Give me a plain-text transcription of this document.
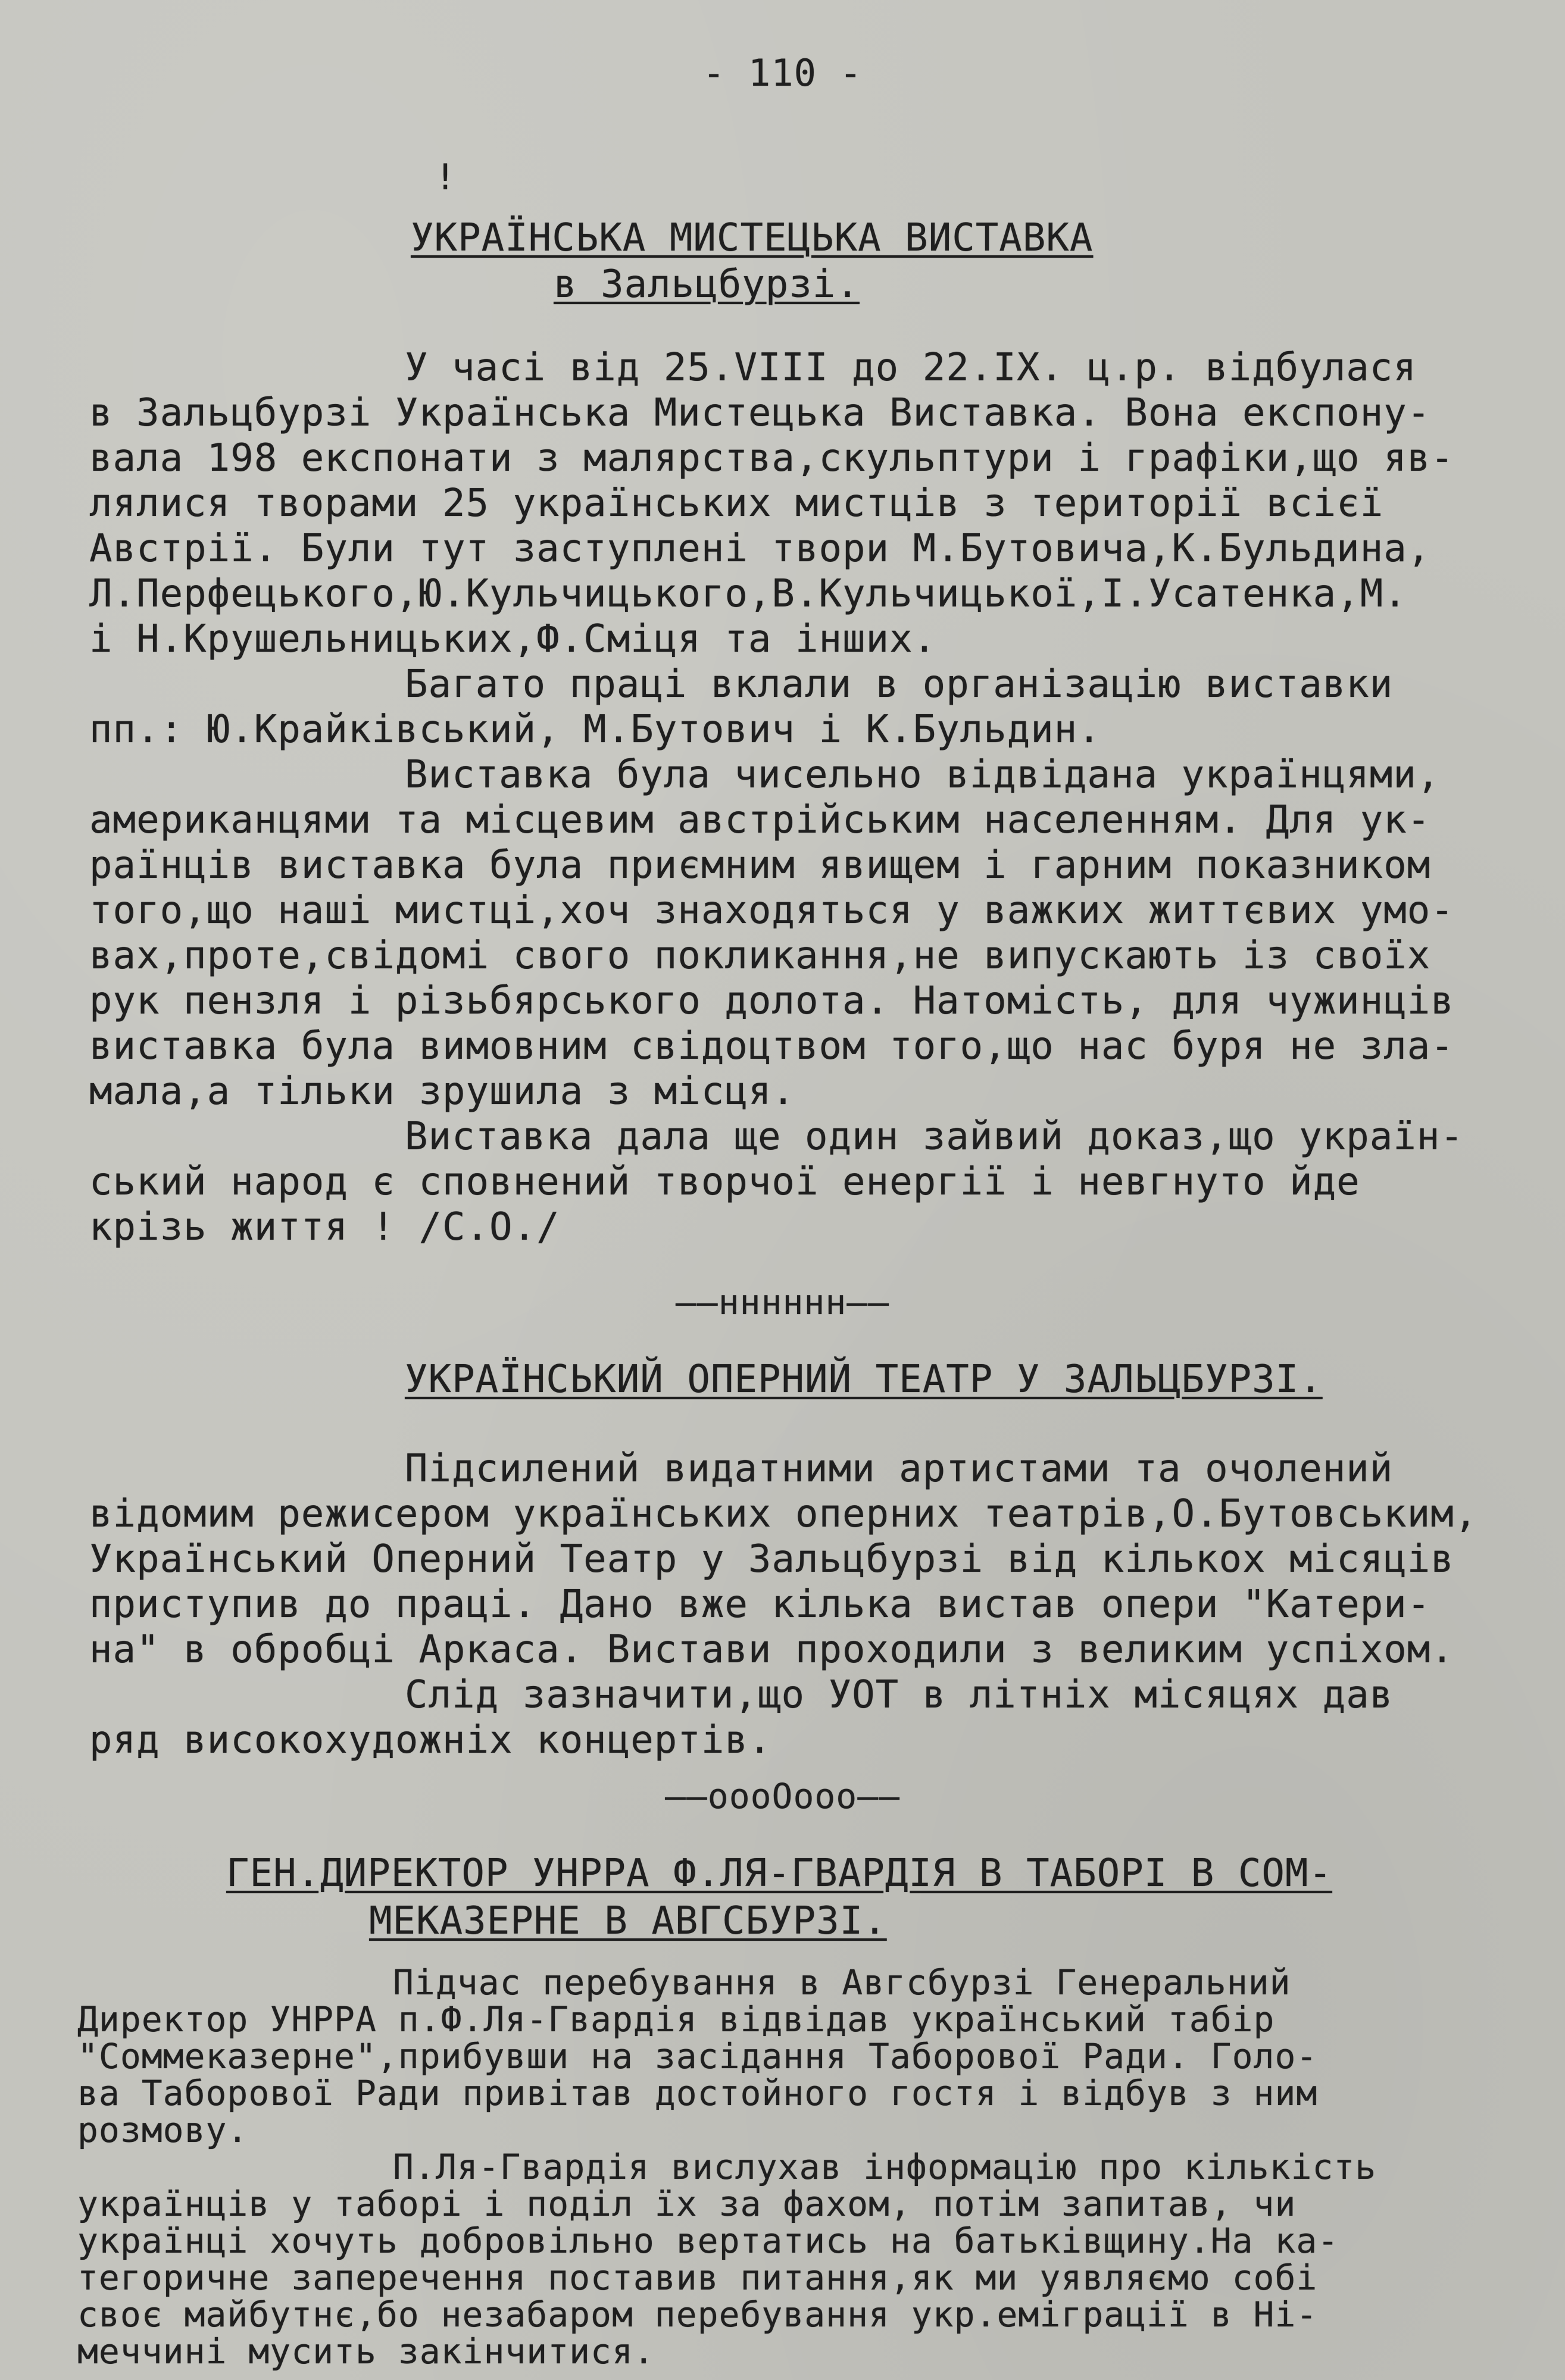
- 110 -
!
УКРАЇНСЬКА МИСТЕЦЬКА ВИСТАВКА
в Зальцбурзі.
У часі від 25.VIII до 22.IX. ц.р. відбулася
в Зальцбурзі Українська Мистецька Виставка. Вона експону-
вала 198 експонати з малярства,скульптури і графіки,що яв-
лялися творами 25 українських мистців з території всієї
Австрії. Були тут заступлені твори М.Бутовича,К.Бульдина,
Л.Перфецького,Ю.Кульчицького,В.Кульчицької,І.Усатенка,М.
і Н.Крушельницьких,Ф.Сміця та інших.
Багато праці вклали в організацію виставки
пп.: Ю.Крайківський, М.Бутович і К.Бульдин.
Виставка була чисельно відвідана українцями,
американцями та місцевим австрійським населенням. Для ук-
раїнців виставка була приємним явищем і гарним показником
того,що наші мистці,хоч знаходяться у важких життєвих умо-
вах,проте,свідомі свого покликання,не випускають із своїх
рук пензля і різьбярського долота. Натомість, для чужинців
виставка була вимовним свідоцтвом того,що нас буря не зла-
мала,а тільки зрушила з місця.
Виставка дала ще один зайвий доказ,що україн-
ський народ є сповнений творчої енергії і невгнуто йде
крізь життя ! /С.О./
——нннннн——
УКРАЇНСЬКИЙ ОПЕРНИЙ ТЕАТР У ЗАЛЬЦБУРЗІ.
Підсилений видатними артистами та очолений
відомим режисером українських оперних театрів,О.Бутовським,
Український Оперний Театр у Зальцбурзі від кількох місяців
приступив до праці. Дано вже кілька вистав опери "Катери-
на" в обробці Аркаса. Вистави проходили з великим успіхом.
Слід зазначити,що УОТ в літніх місяцях дав
ряд високохудожніх концертів.
——оооОооо——
ГЕН.ДИРЕКТОР УНРРА Ф.ЛЯ-ГВАРДІЯ В ТАБОРІ В СОМ-
МЕКАЗЕРНЕ В АВГСБУРЗІ.
Підчас перебування в Авгсбурзі Генеральний
Директор УНРРА п.Ф.Ля-Гвардія відвідав український табір
"Соммеказерне",прибувши на засідання Таборової Ради. Голо-
ва Таборової Ради привітав достойного гостя і відбув з ним
розмову.
П.Ля-Гвардія вислухав інформацію про кількість
українців у таборі і поділ їх за фахом, потім запитав, чи
українці хочуть добровільно вертатись на батьківщину.На ка-
тегоричне заперечення поставив питання,як ми уявляємо собі
своє майбутнє,бо незабаром перебування укр.еміграції в Ні-
меччині мусить закінчитися.
